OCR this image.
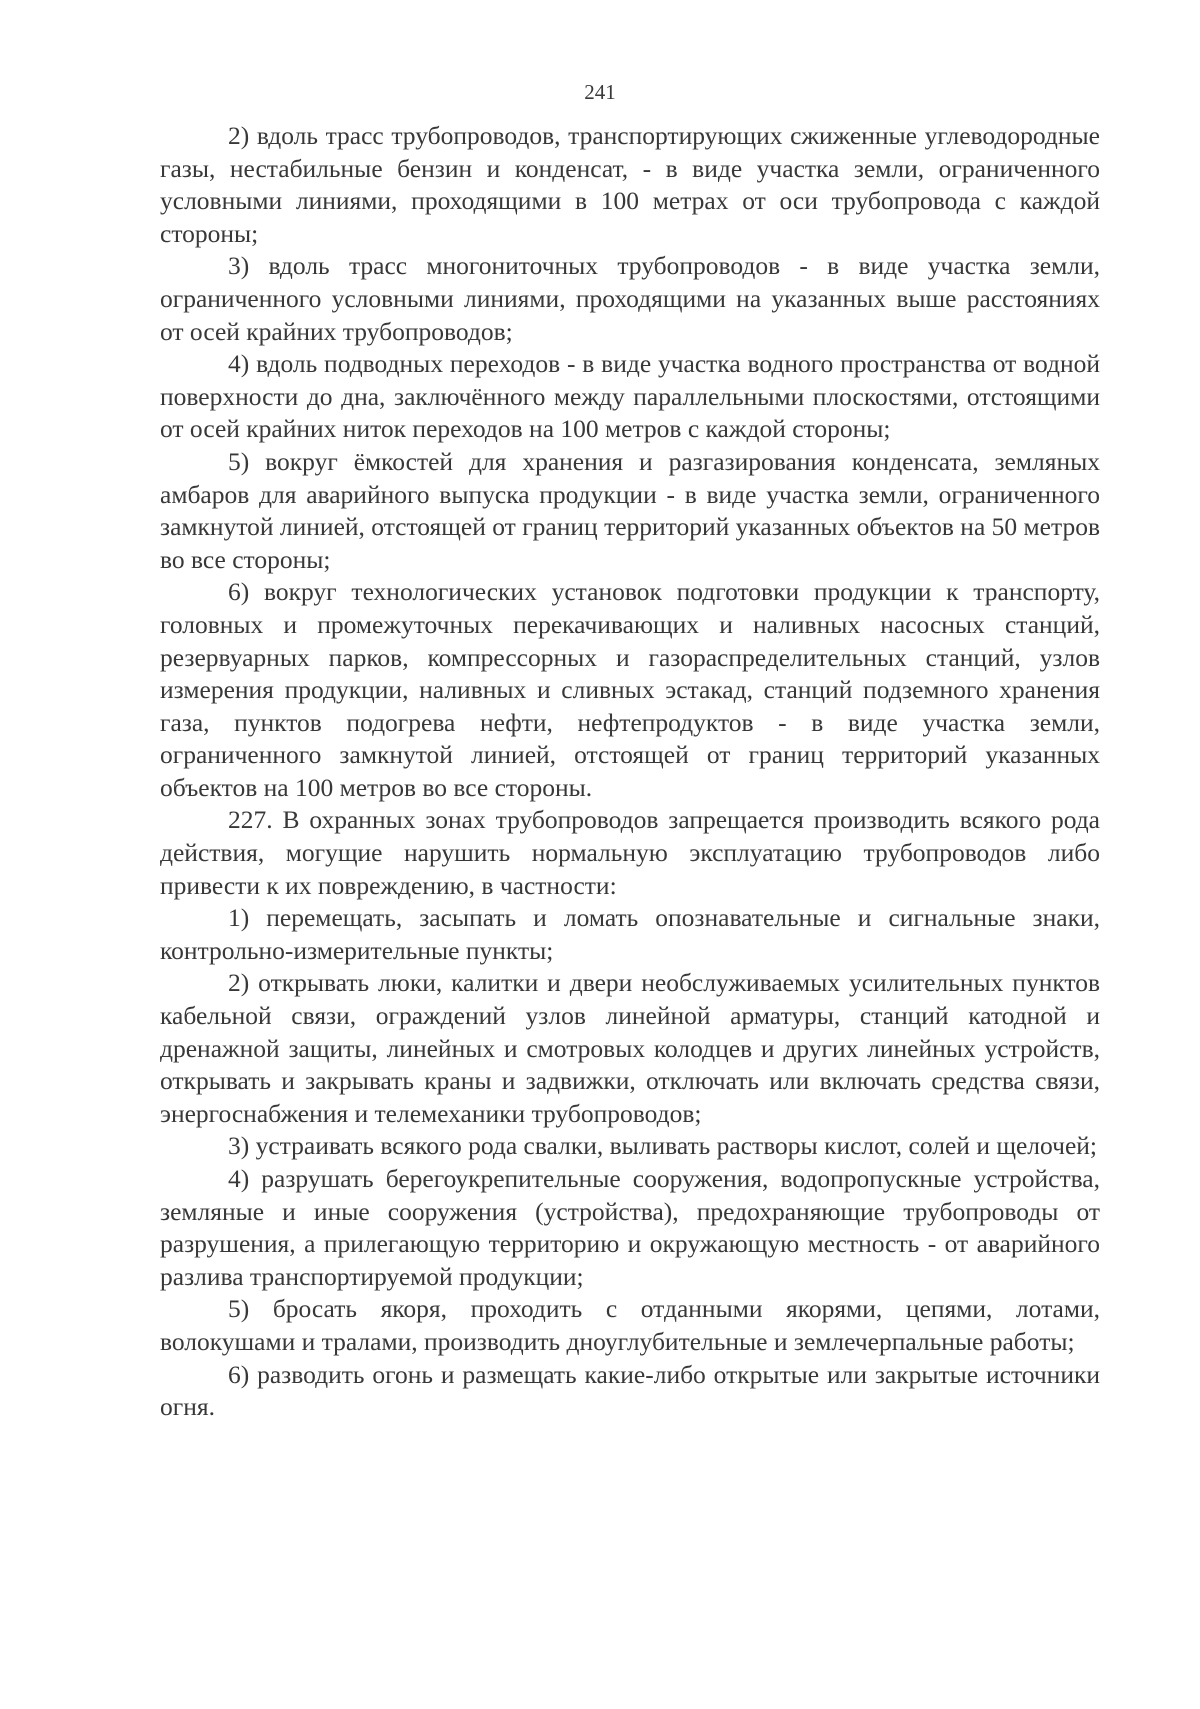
241

2) вдоль трасс трубопроводов, транспортирующих сжиженные углеводородные газы, нестабильные бензин и конденсат, - в виде участка земли, ограниченного условными линиями, проходящими в 100 метрах от оси трубопровода с каждой стороны;

3) вдоль трасс многониточных трубопроводов - в виде участка земли, ограниченного условными линиями, проходящими на указанных выше расстояниях от осей крайних трубопроводов;

4) вдоль подводных переходов - в виде участка водного пространства от водной поверхности до дна, заключённого между параллельными плоскостями, отстоящими от осей крайних ниток переходов на 100 метров с каждой стороны;

5) вокруг ёмкостей для хранения и разгазирования конденсата, земляных амбаров для аварийного выпуска продукции - в виде участка земли, ограниченного замкнутой линией, отстоящей от границ территорий указанных объектов на 50 метров во все стороны;

6) вокруг технологических установок подготовки продукции к транспорту, головных и промежуточных перекачивающих и наливных насосных станций, резервуарных парков, компрессорных и газораспределительных станций, узлов измерения продукции, наливных и сливных эстакад, станций подземного хранения газа, пунктов подогрева нефти, нефтепродуктов - в виде участка земли, ограниченного замкнутой линией, отстоящей от границ территорий указанных объектов на 100 метров во все стороны.

227. В охранных зонах трубопроводов запрещается производить всякого рода действия, могущие нарушить нормальную эксплуатацию трубопроводов либо привести к их повреждению, в частности:

1) перемещать, засыпать и ломать опознавательные и сигнальные знаки, контрольно-измерительные пункты;

2) открывать люки, калитки и двери необслуживаемых усилительных пунктов кабельной связи, ограждений узлов линейной арматуры, станций катодной и дренажной защиты, линейных и смотровых колодцев и других линейных устройств, открывать и закрывать краны и задвижки, отключать или включать средства связи, энергоснабжения и телемеханики трубопроводов;

3) устраивать всякого рода свалки, выливать растворы кислот, солей и щелочей;

4) разрушать берегоукрепительные сооружения, водопропускные устройства, земляные и иные сооружения (устройства), предохраняющие трубопроводы от разрушения, а прилегающую территорию и окружающую местность - от аварийного разлива транспортируемой продукции;

5) бросать якоря, проходить с отданными якорями, цепями, лотами, волокушами и тралами, производить дноуглубительные и землечерпальные работы;

6) разводить огонь и размещать какие-либо открытые или закрытые источники огня.
